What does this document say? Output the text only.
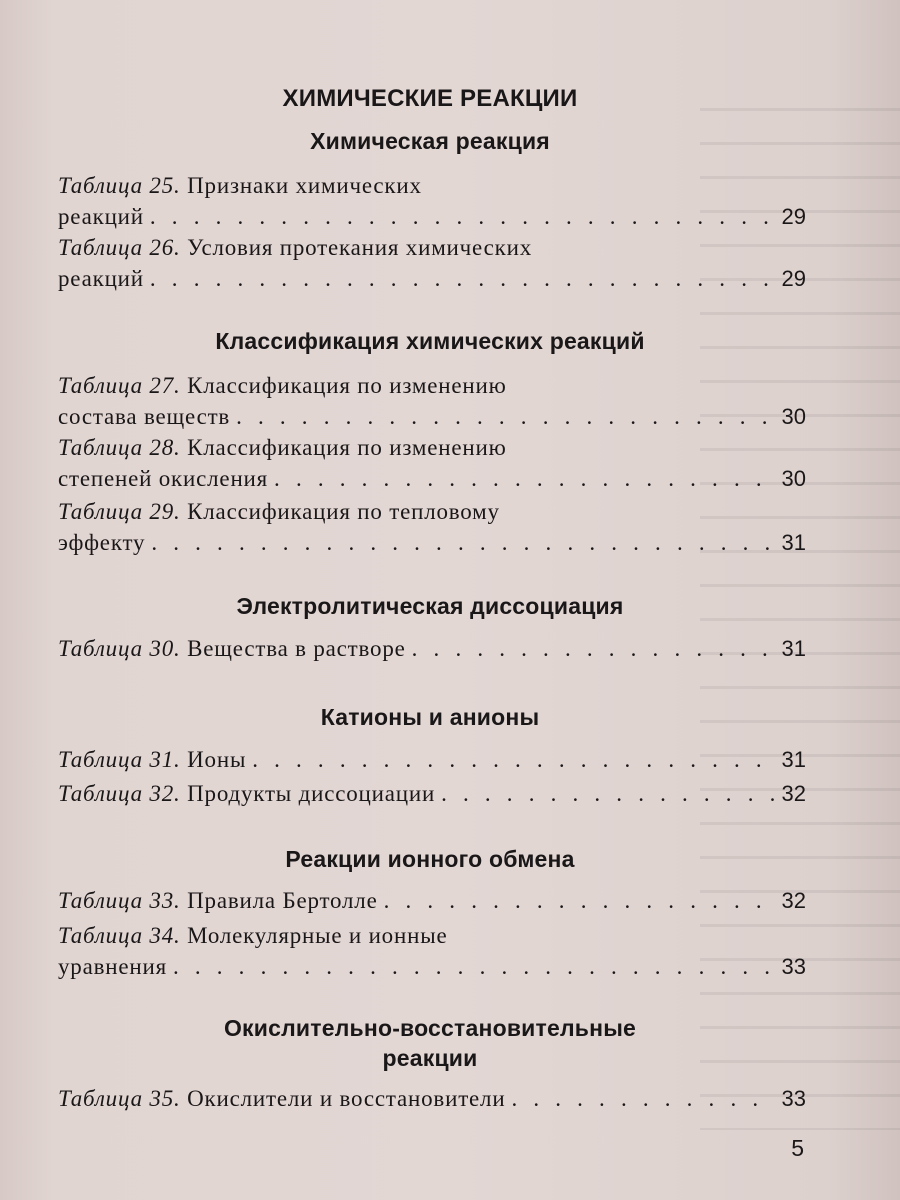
ХИМИЧЕСКИЕ РЕАКЦИИ
Химическая реакция
Таблица 25. Признаки химических
реакций . . .	29
Таблица 26. Условия протекания химических
реакций . . .	29
Классификация химических реакций
Таблица 27. Классификация по изменению
состава веществ . . .	30
Таблица 28. Классификация по изменению
степеней окисления . . .	30
Таблица 29. Классификация по тепловому
эффекту . . .	31
Электролитическая диссоциация
Таблица 30.
Вещества в растворе . . .	31
Катионы и анионы
Таблица 31.
Ионы . . .	31
Таблица 32.
Продукты диссоциации . . .	32
Реакции ионного обмена
Таблица 33.
Правила Бертолле . . .	32
Таблица 34. Молекулярные и ионные
уравнения . . .	33
Окислительно-восстановительные
реакции
Таблица 35.
Окислители и восстановители . . .	33
5
